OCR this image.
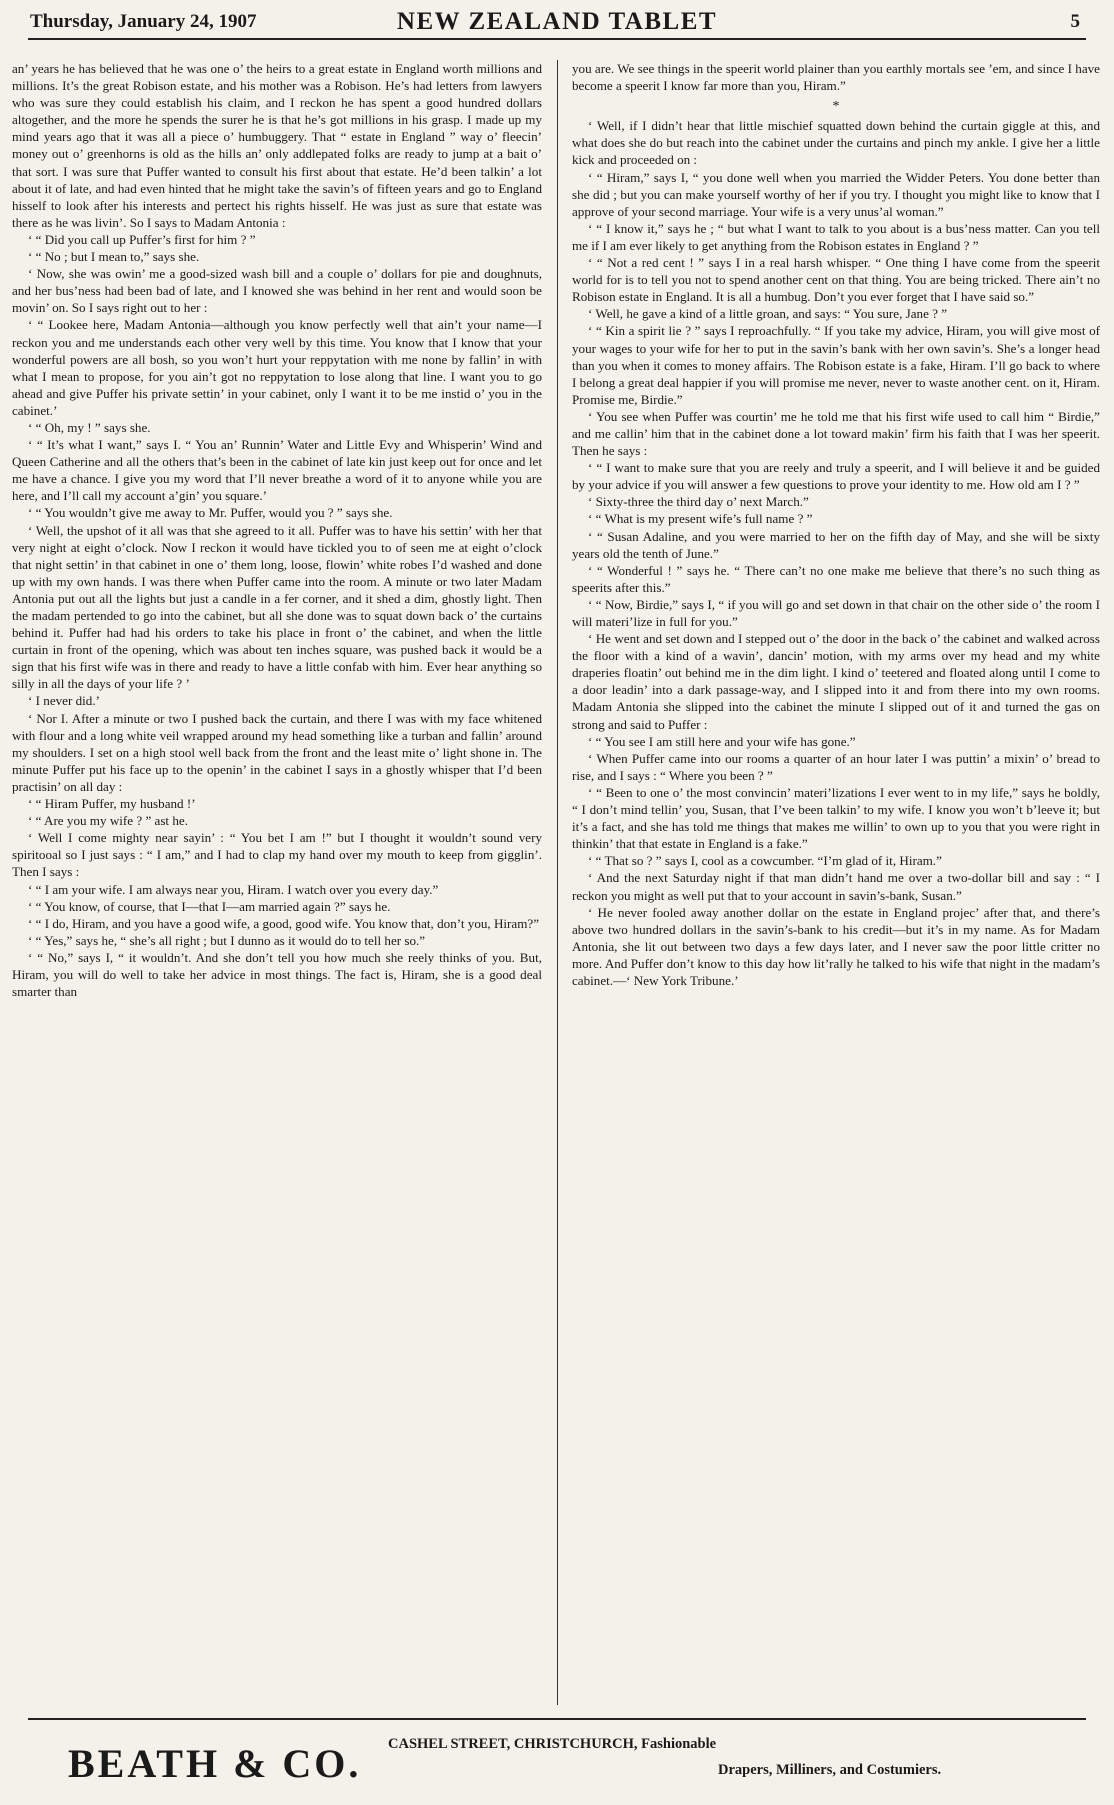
Thursday, January 24, 1907	NEW ZEALAND TABLET	5

an’ years he has believed that he was one o’ the heirs to a great estate in England worth millions and millions. It’s the great Robison estate, and his mother was a Robison. He’s had letters from lawyers who was sure they could establish his claim, and I reckon he has spent a good hundred dollars altogether, and the more he spends the surer he is that he’s got millions in his grasp. I made up my mind years ago that it was all a piece o’ humbuggery. That “ estate in England ” way o’ fleecin’ money out o’ greenhorns is old as the hills an’ only addlepated folks are ready to jump at a bait o’ that sort. I was sure that Puffer wanted to consult his first about that estate. He’d been talkin’ a lot about it of late, and had even hinted that he might take the savin’s of fifteen years and go to England hisself to look after his interests and pertect his rights hisself. He was just as sure that estate was there as he was livin’. So I says to Madam Antonia :

‘ “ Did you call up Puffer’s first for him ? ”

‘ “ No ; but I mean to,” says she.

‘ Now, she was owin’ me a good-sized wash bill and a couple o’ dollars for pie and doughnuts, and her bus’ness had been bad of late, and I knowed she was behind in her rent and would soon be movin’ on. So I says right out to her :

‘ “ Lookee here, Madam Antonia—although you know perfectly well that ain’t your name—I reckon you and me understands each other very well by this time. You know that I know that your wonderful powers are all bosh, so you won’t hurt your reppytation with me none by fallin’ in with what I mean to propose, for you ain’t got no reppytation to lose along that line. I want you to go ahead and give Puffer his private settin’ in your cabinet, only I want it to be me instid o’ you in the cabinet.’

‘ “ Oh, my ! ” says she.

‘ “ It’s what I want,” says I. “ You an’ Runnin’ Water and Little Evy and Whisperin’ Wind and Queen Catherine and all the others that’s been in the cabinet of late kin just keep out for once and let me have a chance. I give you my word that I’ll never breathe a word of it to anyone while you are here, and I’ll call my account a’gin’ you square.’

‘ “ You wouldn’t give me away to Mr. Puffer, would you ? ” says she.

‘ Well, the upshot of it all was that she agreed to it all. Puffer was to have his settin’ with her that very night at eight o’clock. Now I reckon it would have tickled you to of seen me at eight o’clock that night settin’ in that cabinet in one o’ them long, loose, flowin’ white robes I’d washed and done up with my own hands. I was there when Puffer came into the room. A minute or two later Madam Antonia put out all the lights but just a candle in a fer corner, and it shed a dim, ghostly light. Then the madam pertended to go into the cabinet, but all she done was to squat down back o’ the curtains behind it. Puffer had had his orders to take his place in front o’ the cabinet, and when the little curtain in front of the opening, which was about ten inches square, was pushed back it would be a sign that his first wife was in there and ready to have a little confab with him. Ever hear anything so silly in all the days of your life ? ’

‘ I never did.’

‘ Nor I. After a minute or two I pushed back the curtain, and there I was with my face whitened with flour and a long white veil wrapped around my head something like a turban and fallin’ around my shoulders. I set on a high stool well back from the front and the least mite o’ light shone in. The minute Puffer put his face up to the openin’ in the cabinet I says in a ghostly whisper that I’d been practisin’ on all day :

‘ “ Hiram Puffer, my husband !’

‘ “ Are you my wife ? ” ast he.

‘ Well I come mighty near sayin’ : “ You bet I am !” but I thought it wouldn’t sound very spiritooal so I just says : “ I am,” and I had to clap my hand over my mouth to keep from gigglin’. Then I says :

‘ “ I am your wife. I am always near you, Hiram. I watch over you every day.”

‘ “ You know, of course, that I—that I—am married again ?” says he.

‘ “ I do, Hiram, and you have a good wife, a good, good wife. You know that, don’t you, Hiram?”

‘ “ Yes,” says he, “ she’s all right ; but I dunno as it would do to tell her so.”

‘ “ No,” says I, “ it wouldn’t. And she don’t tell you how much she reely thinks of you. But, Hiram, you will do well to take her advice in most things. The fact is, Hiram, she is a good deal smarter than

you are. We see things in the speerit world plainer than you earthly mortals see ’em, and since I have become a speerit I know far more than you, Hiram.”

*

‘ Well, if I didn’t hear that little mischief squatted down behind the curtain giggle at this, and what does she do but reach into the cabinet under the curtains and pinch my ankle. I give her a little kick and proceeded on :

‘ “ Hiram,” says I, “ you done well when you married the Widder Peters. You done better than she did ; but you can make yourself worthy of her if you try. I thought you might like to know that I approve of your second marriage. Your wife is a very unus’al woman.”

‘ “ I know it,” says he ; “ but what I want to talk to you about is a bus’ness matter. Can you tell me if I am ever likely to get anything from the Robison estates in England ? ”

‘ “ Not a red cent ! ” says I in a real harsh whisper. “ One thing I have come from the speerit world for is to tell you not to spend another cent on that thing. You are being tricked. There ain’t no Robison estate in England. It is all a humbug. Don’t you ever forget that I have said so.”

‘ Well, he gave a kind of a little groan, and says: “ You sure, Jane ? ”

‘ “ Kin a spirit lie ? ” says I reproachfully. “ If you take my advice, Hiram, you will give most of your wages to your wife for her to put in the savin’s bank with her own savin’s. She’s a longer head than you when it comes to money affairs. The Robison estate is a fake, Hiram. I’ll go back to where I belong a great deal happier if you will promise me never, never to waste another cent. on it, Hiram. Promise me, Birdie.”

‘ You see when Puffer was courtin’ me he told me that his first wife used to call him “ Birdie,” and me callin’ him that in the cabinet done a lot toward makin’ firm his faith that I was her speerit. Then he says :

‘ “ I want to make sure that you are reely and truly a speerit, and I will believe it and be guided by your advice if you will answer a few questions to prove your identity to me. How old am I ? ”

‘ Sixty-three the third day o’ next March.”

‘ “ What is my present wife’s full name ? ”

‘ “ Susan Adaline, and you were married to her on the fifth day of May, and she will be sixty years old the tenth of June.”

‘ “ Wonderful ! ” says he. “ There can’t no one make me believe that there’s no such thing as speerits after this.”

‘ “ Now, Birdie,” says I, “ if you will go and set down in that chair on the other side o’ the room I will materi’lize in full for you.”

‘ He went and set down and I stepped out o’ the door in the back o’ the cabinet and walked across the floor with a kind of a wavin’, dancin’ motion, with my arms over my head and my white draperies floatin’ out behind me in the dim light. I kind o’ teetered and floated along until I come to a door leadin’ into a dark passage-way, and I slipped into it and from there into my own rooms. Madam Antonia she slipped into the cabinet the minute I slipped out of it and turned the gas on strong and said to Puffer :

‘ “ You see I am still here and your wife has gone.”

‘ When Puffer came into our rooms a quarter of an hour later I was puttin’ a mixin’ o’ bread to rise, and I says : “ Where you been ? ”

‘ “ Been to one o’ the most convincin’ materi’lizations I ever went to in my life,” says he boldly, “ I don’t mind tellin’ you, Susan, that I’ve been talkin’ to my wife. I know you won’t b’leeve it; but it’s a fact, and she has told me things that makes me willin’ to own up to you that you were right in thinkin’ that that estate in England is a fake.”

‘ “ That so ? ” says I, cool as a cowcumber. “I’m glad of it, Hiram.”

‘ And the next Saturday night if that man didn’t hand me over a two-dollar bill and say : “ I reckon you might as well put that to your account in savin’s-bank, Susan.”

‘ He never fooled away another dollar on the estate in England projec’ after that, and there’s above two hundred dollars in the savin’s-bank to his credit—but it’s in my name. As for Madam Antonia, she lit out between two days a few days later, and I never saw the poor little critter no more. And Puffer don’t know to this day how lit’rally he talked to his wife that night in the madam’s cabinet.—‘ New York Tribune.’

BEATH & CO. CASHEL STREET, CHRISTCHURCH, Fashionable
Drapers, Milliners, and Costumiers.
